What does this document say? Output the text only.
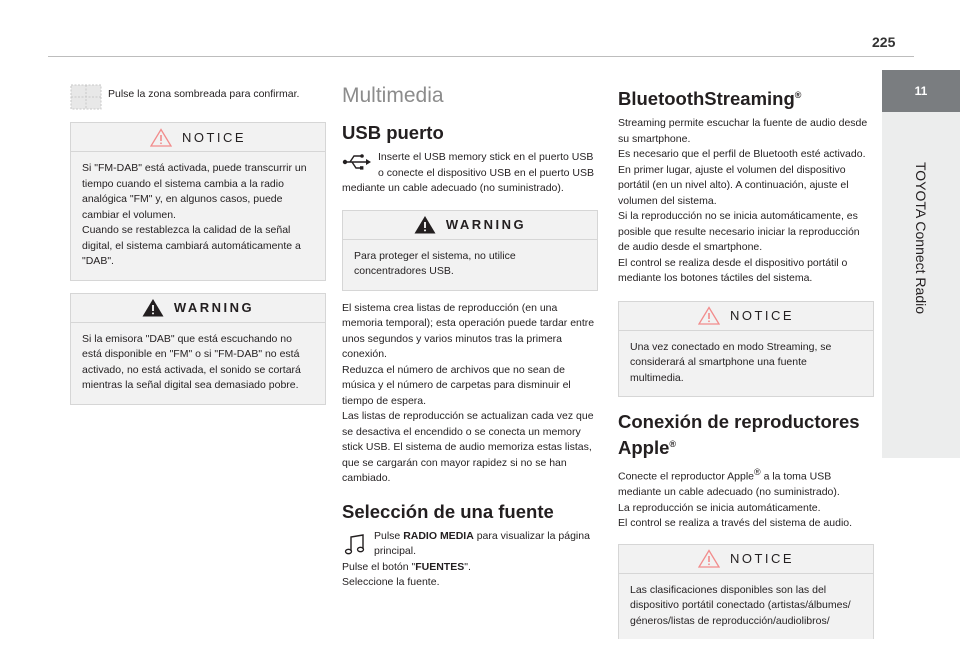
225
11
TOYOTA Connect Radio

Pulse la zona sombreada para confirmar.

NOTICE

Si "FM-DAB" está activada, puede transcurrir un tiempo cuando el sistema cambia a la radio analógica "FM" y, en algunos casos, puede cambiar el volumen.
Cuando se restablezca la calidad de la señal digital, el sistema cambiará automáticamente a "DAB".

WARNING

Si la emisora "DAB" que está escuchando no está disponible en "FM" o si "FM-DAB" no está activado, no está activada, el sonido se cortará mientras la señal digital sea demasiado pobre.

Multimedia
USB puerto

Inserte el USB memory stick en el puerto USB o conecte el dispositivo USB en el puerto USB mediante un cable adecuado (no suministrado).

WARNING

Para proteger el sistema, no utilice concentradores USB.

El sistema crea listas de reproducción (en una memoria temporal); esta operación puede tardar entre unos segundos y varios minutos tras la primera conexión.
Reduzca el número de archivos que no sean de música y el número de carpetas para disminuir el tiempo de espera.
Las listas de reproducción se actualizan cada vez que se desactiva el encendido o se conecta un memory stick USB. El sistema de audio memoriza estas listas, que se cargarán con mayor rapidez si no se han cambiado.

Selección de una fuente

Pulse RADIO MEDIA para visualizar la página principal.

Pulse el botón "FUENTES".

Seleccione la fuente.

BluetoothStreaming®

Streaming permite escuchar la fuente de audio desde su smartphone.
Es necesario que el perfil de Bluetooth esté activado.
En primer lugar, ajuste el volumen del dispositivo portátil (en un nivel alto). A continuación, ajuste el volumen del sistema.
Si la reproducción no se inicia automáticamente, es posible que resulte necesario iniciar la reproducción de audio desde el smartphone.
El control se realiza desde el dispositivo portátil o mediante los botones táctiles del sistema.

NOTICE

Una vez conectado en modo Streaming, se considerará al smartphone una fuente multimedia.

Conexión de reproductores Apple®

Conecte el reproductor Apple® a la toma USB mediante un cable adecuado (no suministrado).
La reproducción se inicia automáticamente.
El control se realiza a través del sistema de audio.

NOTICE

Las clasificaciones disponibles son las del dispositivo portátil conectado (artistas/álbumes/ géneros/listas de reproducción/audiolibros/
